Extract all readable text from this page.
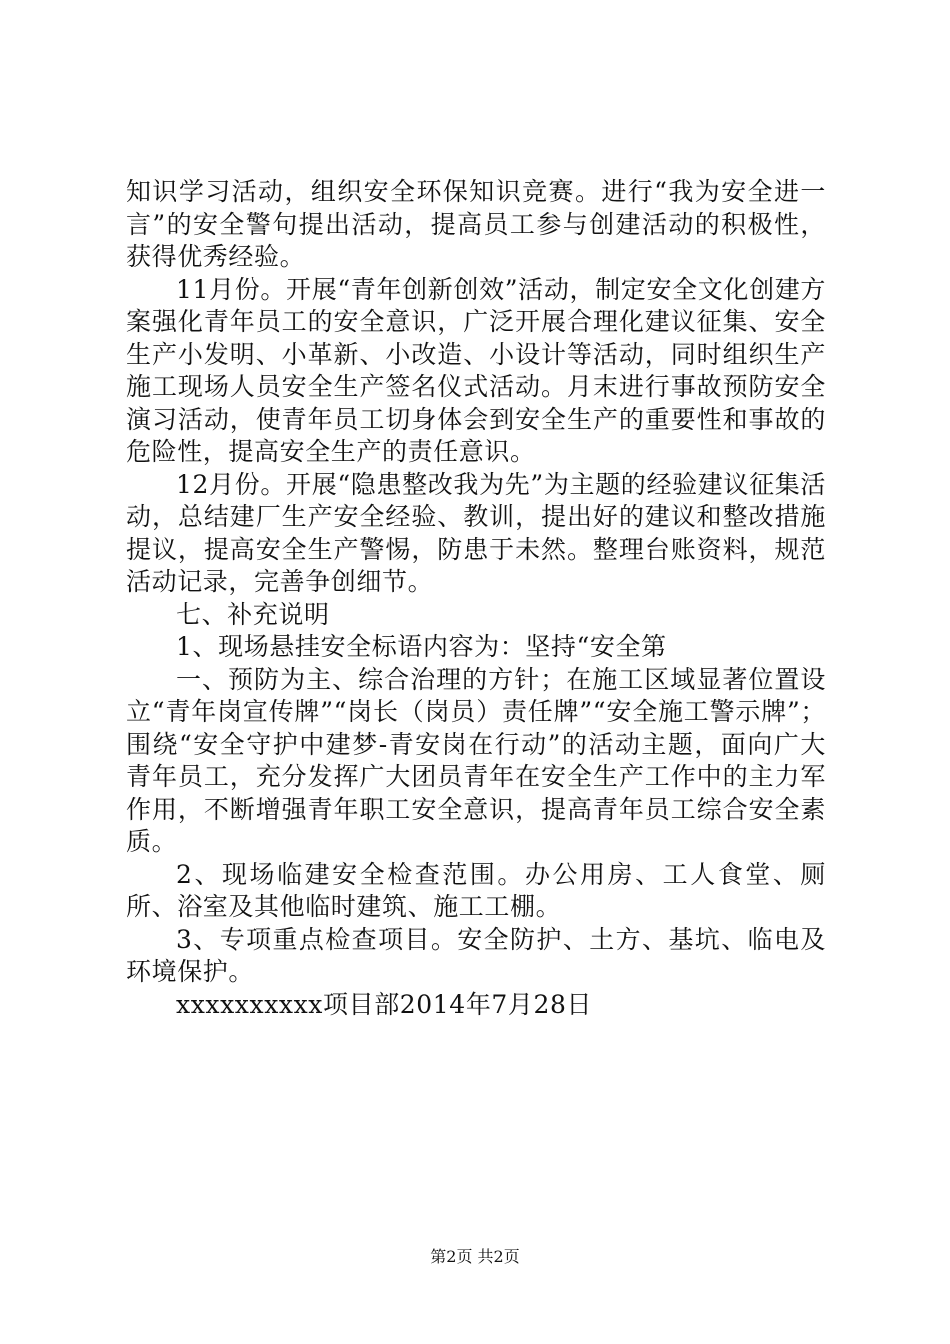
知识学习活动，组织安全环保知识竞赛。进行“我为安全进一言”的安全警句提出活动，提高员工参与创建活动的积极性，获得优秀经验。

11月份。开展“青年创新创效”活动，制定安全文化创建方案强化青年员工的安全意识，广泛开展合理化建议征集、安全生产小发明、小革新、小改造、小设计等活动，同时组织生产施工现场人员安全生产签名仪式活动。月末进行事故预防安全演习活动，使青年员工切身体会到安全生产的重要性和事故的危险性，提高安全生产的责任意识。

12月份。开展“隐患整改我为先”为主题的经验建议征集活动，总结建厂生产安全经验、教训，提出好的建议和整改措施提议，提高安全生产警惕，防患于未然。整理台账资料，规范活动记录，完善争创细节。

七、补充说明

1、现场悬挂安全标语内容为：坚持“安全第

一、预防为主、综合治理的方针；在施工区域显著位置设立“青年岗宣传牌”“岗长（岗员）责任牌”“安全施工警示牌”；围绕“安全守护中建梦-青安岗在行动”的活动主题，面向广大青年员工，充分发挥广大团员青年在安全生产工作中的主力军作用，不断增强青年职工安全意识，提高青年员工综合安全素质。

2、现场临建安全检查范围。办公用房、工人食堂、厕所、浴室及其他临时建筑、施工工棚。

3、专项重点检查项目。安全防护、土方、基坑、临电及环境保护。

xxxxxxxxxx项目部2014年7月28日

第2页 共2页
